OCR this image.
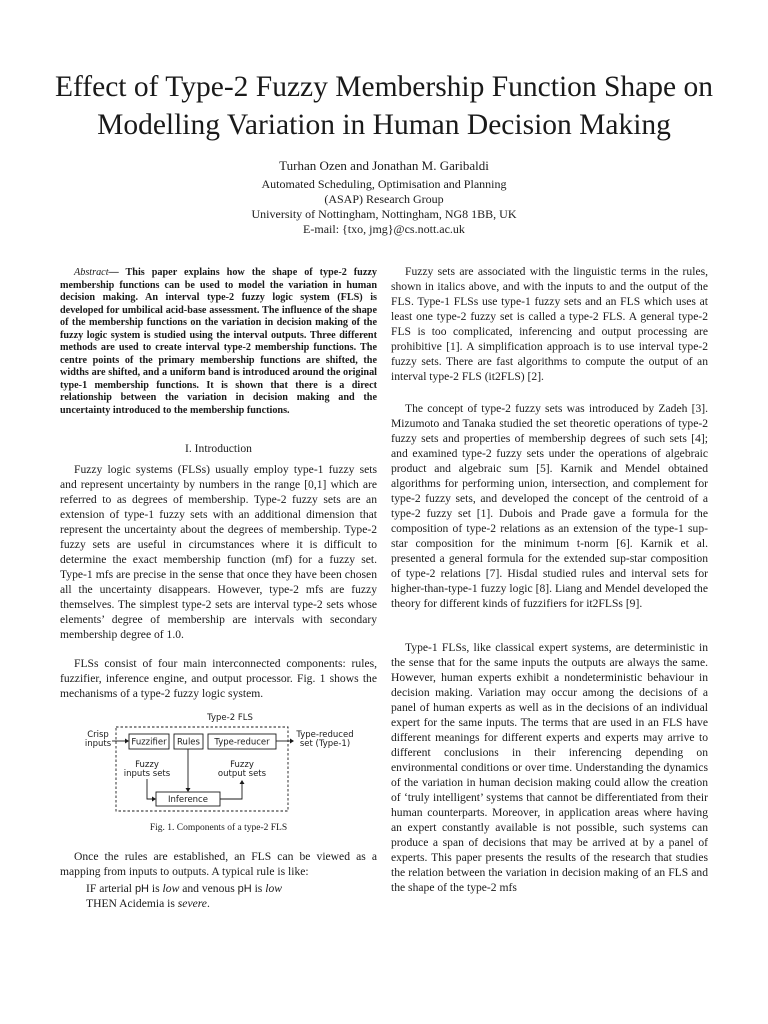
Effect of Type-2 Fuzzy Membership Function Shape on Modelling Variation in Human Decision Making
Turhan Ozen and Jonathan M. Garibaldi
Automated Scheduling, Optimisation and Planning
(ASAP) Research Group
University of Nottingham, Nottingham, NG8 1BB, UK
E-mail: {txo, jmg}@cs.nott.ac.uk

Abstract— This paper explains how the shape of type-2 fuzzy membership functions can be used to model the variation in human decision making. An interval type-2 fuzzy logic system (FLS) is developed for umbilical acid-base assessment. The influence of the shape of the membership functions on the variation in decision making of the fuzzy logic system is studied using the interval outputs. Three different methods are used to create interval type-2 membership functions. The centre points of the primary membership functions are shifted, the widths are shifted, and a uniform band is introduced around the original type-1 membership functions. It is shown that there is a direct relationship between the variation in decision making and the uncertainty introduced to the membership functions.

I. Introduction

Fuzzy logic systems (FLSs) usually employ type-1 fuzzy sets and represent uncertainty by numbers in the range [0,1] which are referred to as degrees of membership. Type-2 fuzzy sets are an extension of type-1 fuzzy sets with an additional dimension that represent the uncertainty about the degrees of membership. Type-2 fuzzy sets are useful in circumstances where it is difficult to determine the exact membership function (mf) for a fuzzy set. Type-1 mfs are precise in the sense that once they have been chosen all the uncertainty disappears. However, type-2 mfs are fuzzy themselves. The simplest type-2 sets are interval type-2 sets whose elements’ degree of membership are intervals with secondary membership degree of 1.0.

FLSs consist of four main interconnected components: rules, fuzzifier, inference engine, and output processor. Fig. 1 shows the mechanisms of a type-2 fuzzy logic system.

Type-2 FLS
Crisp
inputs Fuzzifier Rules Type-reducer
Type-reduced
set (Type-1)
Fuzzy
inputs sets
Fuzzy
output sets
Inference
Fig. 1. Components of a type-2 FLS

Once the rules are established, an FLS can be viewed as a mapping from inputs to outputs. A typical rule is like:

IF arterial pH is low and venous pH is low
THEN Acidemia is severe.

Fuzzy sets are associated with the linguistic terms in the rules, shown in italics above, and with the inputs to and the output of the FLS. Type-1 FLSs use type-1 fuzzy sets and an FLS which uses at least one type-2 fuzzy set is called a type-2 FLS. A general type-2 FLS is too complicated, inferencing and output processing are prohibitive [1]. A simplification approach is to use interval type-2 fuzzy sets. There are fast algorithms to compute the output of an interval type-2 FLS (it2FLS) [2].

The concept of type-2 fuzzy sets was introduced by Zadeh [3]. Mizumoto and Tanaka studied the set theoretic operations of type-2 fuzzy sets and properties of membership degrees of such sets [4]; and examined type-2 fuzzy sets under the operations of algebraic product and algebraic sum [5]. Karnik and Mendel obtained algorithms for performing union, intersection, and complement for type-2 fuzzy sets, and developed the concept of the centroid of a type-2 fuzzy set [1]. Dubois and Prade gave a formula for the composition of type-2 relations as an extension of the type-1 sup-star composition for the minimum t-norm [6]. Karnik et al. presented a general formula for the extended sup-star composition of type-2 relations [7]. Hisdal studied rules and interval sets for higher-than-type-1 fuzzy logic [8]. Liang and Mendel developed the theory for different kinds of fuzzifiers for it2FLSs [9].

Type-1 FLSs, like classical expert systems, are deterministic in the sense that for the same inputs the outputs are always the same. However, human experts exhibit a nondeterministic behaviour in decision making. Variation may occur among the decisions of a panel of human experts as well as in the decisions of an individual expert for the same inputs. The terms that are used in an FLS have different meanings for different experts and experts may arrive to different conclusions in their inferencing depending on environmental conditions or over time. Understanding the dynamics of the variation in human decision making could allow the creation of ‘truly intelligent’ systems that cannot be differentiated from their human counterparts. Moreover, in application areas where having an expert constantly available is not possible, such systems can produce a span of decisions that may be arrived at by a panel of experts. This paper presents the results of the research that studies the relation between the variation in decision making of an FLS and the shape of the type-2 mfs
